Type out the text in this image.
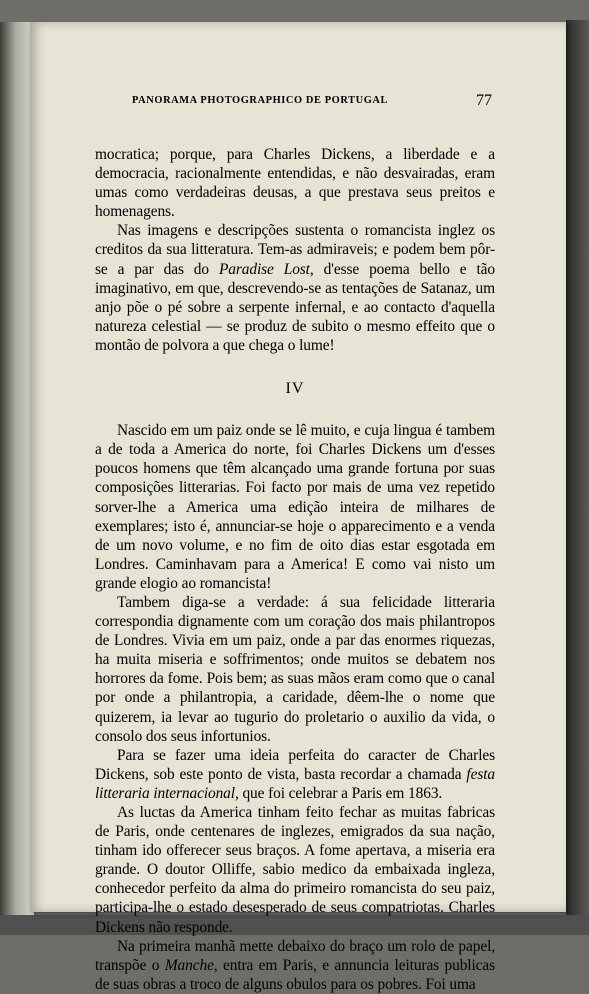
PANORAMA PHOTOGRAPHICO DE PORTUGAL	77

mocratica; porque, para Charles Dickens, a liberdade e a democracia, racionalmente entendidas, e não desvairadas, eram umas como verdadeiras deusas, a que prestava seus preitos e homenagens.

Nas imagens e descripções sustenta o romancista inglez os creditos da sua litteratura. Tem-as admiraveis; e podem bem pôr-se a par das do Paradise Lost, d'esse poema bello e tão imaginativo, em que, descrevendo-se as tentações de Satanaz, um anjo põe o pé sobre a serpente infernal, e ao contacto d'aquella natureza celestial — se produz de subito o mesmo effeito que o montão de polvora a que chega o lume!

IV

Nascido em um paiz onde se lê muito, e cuja lingua é tambem a de toda a America do norte, foi Charles Dickens um d'esses poucos homens que têm alcançado uma grande fortuna por suas composições litterarias. Foi facto por mais de uma vez repetido sorver-lhe a America uma edição inteira de milhares de exemplares; isto é, annunciar-se hoje o apparecimento e a venda de um novo volume, e no fim de oito dias estar esgotada em Londres. Caminhavam para a America! E como vai nisto um grande elogio ao romancista!

Tambem diga-se a verdade: á sua felicidade litteraria correspondia dignamente com um coração dos mais philantropos de Londres. Vivia em um paiz, onde a par das enormes riquezas, ha muita miseria e soffrimentos; onde muitos se debatem nos horrores da fome. Pois bem; as suas mãos eram como que o canal por onde a philantropia, a caridade, dêem-lhe o nome que quizerem, ia levar ao tugurio do proletario o auxilio da vida, o consolo dos seus infortunios.

Para se fazer uma ideia perfeita do caracter de Charles Dickens, sob este ponto de vista, basta recordar a chamada festa litteraria internacional, que foi celebrar a Paris em 1863.

As luctas da America tinham feito fechar as muitas fabricas de Paris, onde centenares de inglezes, emigrados da sua nação, tinham ido offerecer seus braços. A fome apertava, a miseria era grande. O doutor Olliffe, sabio medico da embaixada ingleza, conhecedor perfeito da alma do primeiro romancista do seu paiz, participa-lhe o estado desesperado de seus compatriotas. Charles Dickens não responde.

Na primeira manhã mette debaixo do braço um rolo de papel, transpõe o Manche, entra em Paris, e annuncia leituras publicas de suas obras a troco de alguns obulos para os pobres. Foi uma
